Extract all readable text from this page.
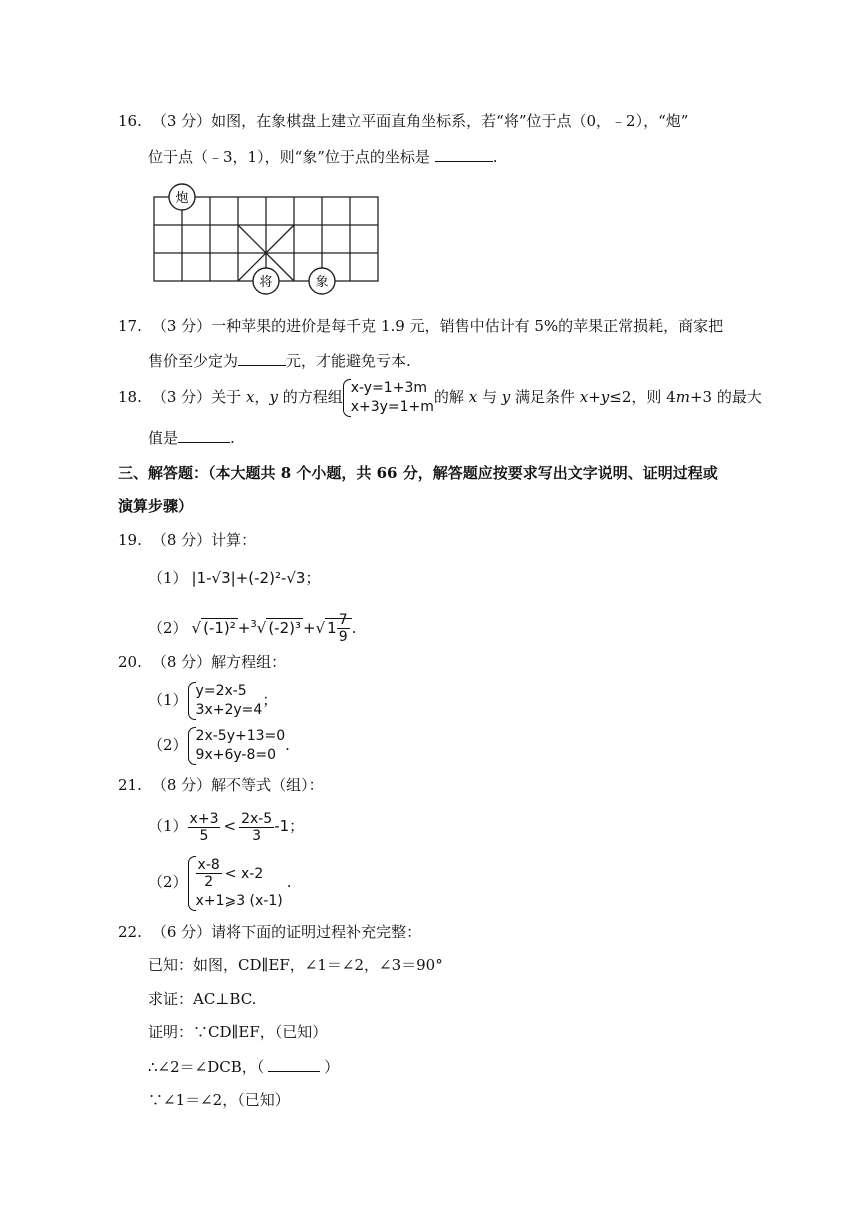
16. （3 分）如图，在象棋盘上建立平面直角坐标系，若“将”位于点（0，﹣2），“炮”
位于点（﹣3，1），则“象”位于点的坐标是	.
炮
将	象
17. （3 分）一种苹果的进价是每千克 1.9 元，销售中估计有 5%的苹果正常损耗，商家把
售价至少定为	元，才能避免亏本.
18. （3 分）关于 x，y 的方程组 x-y=1+3m
x+3y=1+m
的解 x 与 y 满足条件 x+y≤2，则 4m+3 的最大
值是	.
三、解答题：（本大题共 8 个小题，共 66 分，解答题应按要求写出文字说明、证明过程或
演算步骤）
19. （8 分）计算：
（1） |1-√3|+(-2)²-√3；
（2） √ (-1)² +$^3$√ (-2)³ +√ $1 \frac{7}{9}$ .
20. （8 分）解方程组：
（1） y=2x-5
3x+2y=4
；
（2） 2x-5y+13=0
9x+6y-8=0
.
21. （8 分）解不等式（组）：
$(1) \frac{x+3}{5} < \frac{2x-5}{3} -1$；
$(2) \frac{x-8}{2} < x-2$
x+1⩾3 (x-1)
.
22. （6 分）请将下面的证明过程补充完整：
已知：如图，CD∥EF，∠1＝∠2，∠3＝90°
求证：AC⊥BC.
证明：∵CD∥EF，（已知）
∴∠2＝∠DCB，（	）
∵∠1＝∠2，（已知）
